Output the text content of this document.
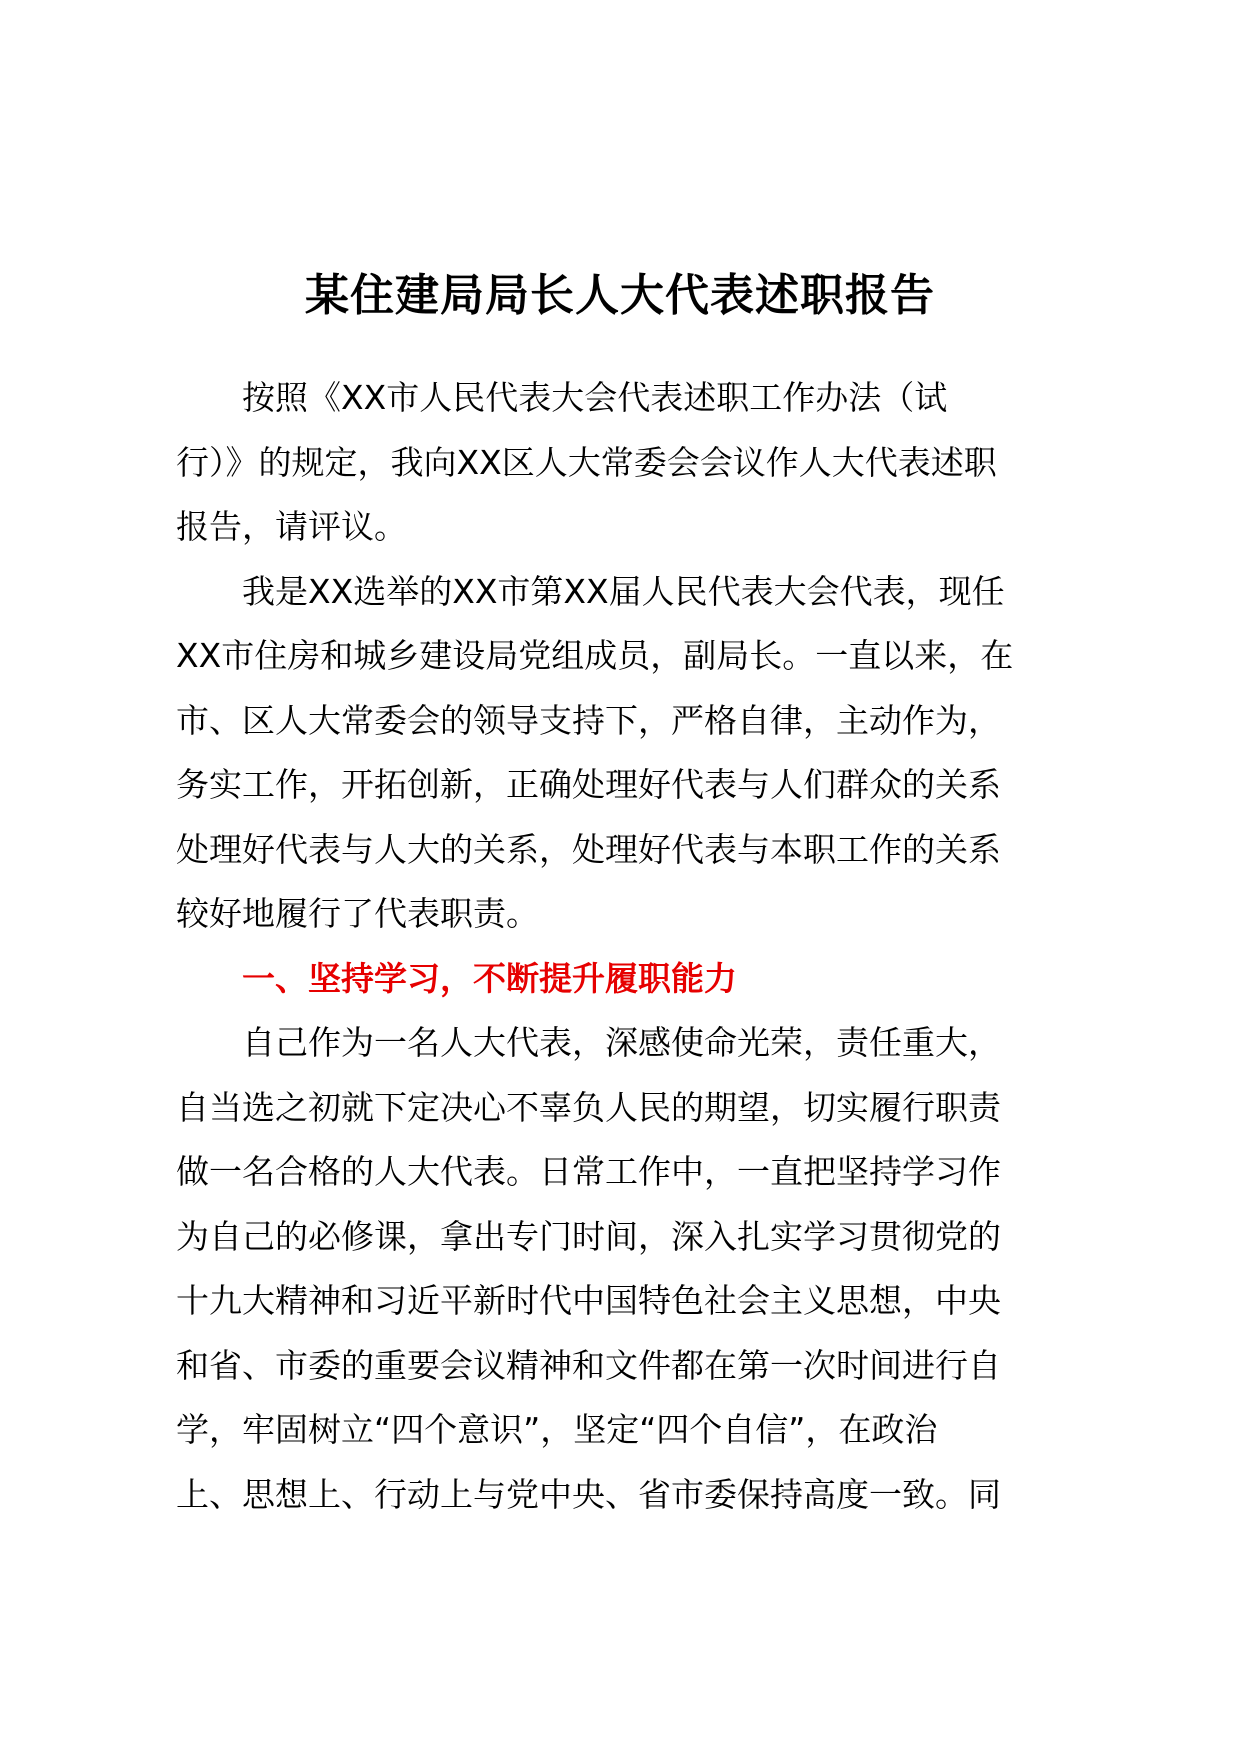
某住建局局长人大代表述职报告
按照《XX市人民代表大会代表述职工作办法（试
行）》的规定，我向XX区人大常委会会议作人大代表述职
报告，请评议。
我是XX选举的XX市第XX届人民代表大会代表，现任
XX市住房和城乡建设局党组成员，副局长。一直以来，在
市、区人大常委会的领导支持下，严格自律，主动作为，
务实工作，开拓创新，正确处理好代表与人们群众的关系
处理好代表与人大的关系，处理好代表与本职工作的关系
较好地履行了代表职责。
一、坚持学习，不断提升履职能力
自己作为一名人大代表，深感使命光荣，责任重大，
自当选之初就下定决心不辜负人民的期望，切实履行职责
做一名合格的人大代表。日常工作中，一直把坚持学习作
为自己的必修课，拿出专门时间，深入扎实学习贯彻党的
十九大精神和习近平新时代中国特色社会主义思想，中央
和省、市委的重要会议精神和文件都在第一次时间进行自
学，牢固树立“四个意识”，坚定“四个自信”，在政治
上、思想上、行动上与党中央、省市委保持高度一致。同
